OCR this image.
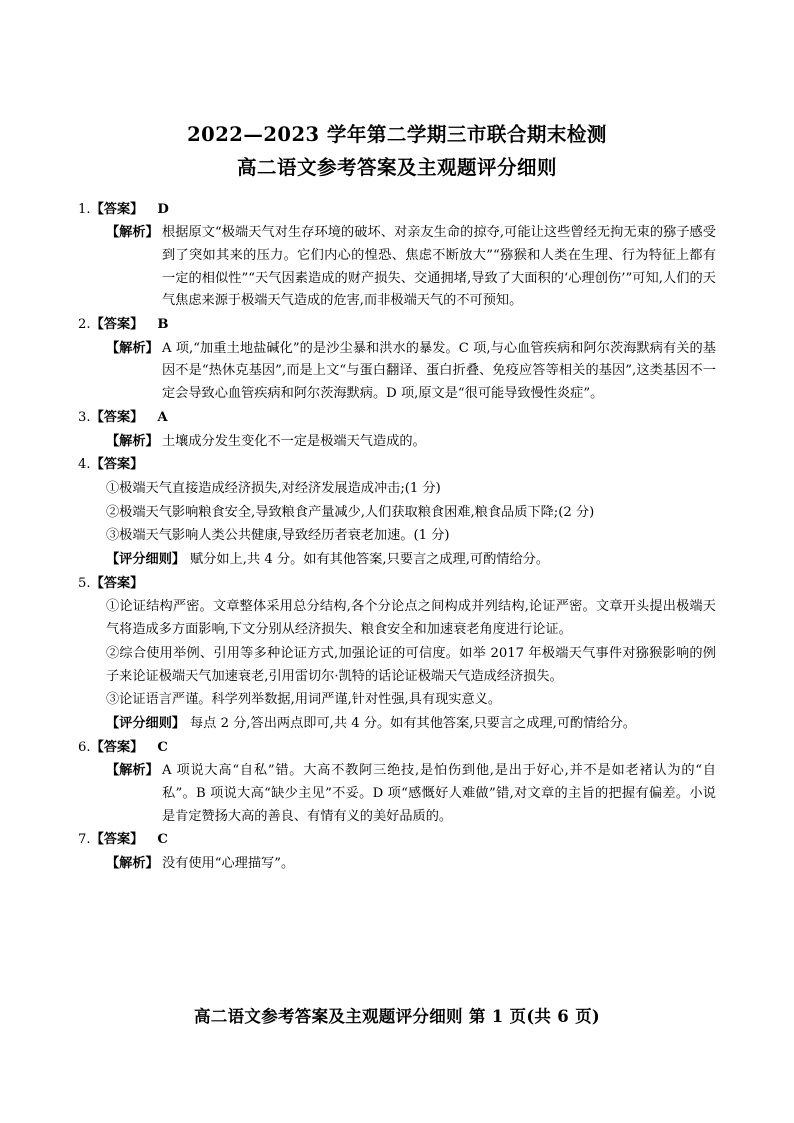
2022—2023 学年第二学期三市联合期末检测
高二语文参考答案及主观题评分细则
1.【答案】 D
【解析】 根据原文“极端天气对生存环境的破坏、对亲友生命的掠夺,可能让这些曾经无拘无束的猕子感受到了突如其来的压力。它们内心的惶恐、焦虑不断放大”“猕猴和人类在生理、行为特征上都有一定的相似性”“天气因素造成的财产损失、交通拥堵,导致了大面积的‘心理创伤’”可知,人们的天气焦虑来源于极端天气造成的危害,而非极端天气的不可预知。
2.【答案】 B
【解析】 A 项,“加重土地盐碱化”的是沙尘暴和洪水的暴发。C 项,与心血管疾病和阿尔茨海默病有关的基因不是“热休克基因”,而是上文“与蛋白翻译、蛋白折叠、免疫应答等相关的基因”,这类基因不一定会导致心血管疾病和阿尔茨海默病。D 项,原文是“很可能导致慢性炎症”。
3.【答案】 A
【解析】 土壤成分发生变化不一定是极端天气造成的。
4.【答案】
①极端天气直接造成经济损失,对经济发展造成冲击;(1 分)
②极端天气影响粮食安全,导致粮食产量减少,人们获取粮食困难,粮食品质下降;(2 分)
③极端天气影响人类公共健康,导致经历者衰老加速。(1 分)
【评分细则】 赋分如上,共 4 分。如有其他答案,只要言之成理,可酌情给分。
5.【答案】
①论证结构严密。文章整体采用总分结构,各个分论点之间构成并列结构,论证严密。文章开头提出极端天气将造成多方面影响,下文分别从经济损失、粮食安全和加速衰老角度进行论证。
②综合使用举例、引用等多种论证方式,加强论证的可信度。如举 2017 年极端天气事件对猕猴影响的例子来论证极端天气加速衰老,引用雷切尔·凯特的话论证极端天气造成经济损失。
③论证语言严谨。科学列举数据,用词严谨,针对性强,具有现实意义。
【评分细则】 每点 2 分,答出两点即可,共 4 分。如有其他答案,只要言之成理,可酌情给分。
6.【答案】 C
【解析】 A 项说大高“自私”错。大高不教阿三绝技,是怕伤到他,是出于好心,并不是如老褚认为的“自私”。B 项说大高“缺少主见”不妥。D 项“感慨好人难做”错,对文章的主旨的把握有偏差。小说是肯定赞扬大高的善良、有情有义的美好品质的。
7.【答案】 C
【解析】 没有使用“心理描写”。
高二语文参考答案及主观题评分细则 第 1 页(共 6 页)
